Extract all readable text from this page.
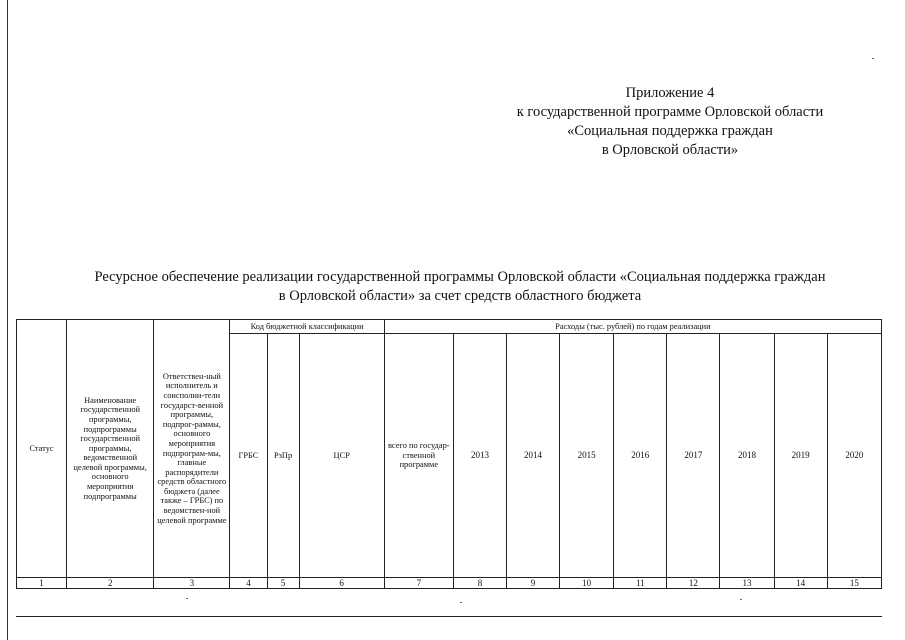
Приложение 4
к государственной программе Орловской области
«Социальная поддержка граждан
в Орловской области»
Ресурсное обеспечение реализации государственной программы Орловской области «Социальная поддержка граждан
в Орловской области» за счет средств областного бюджета
Статус	Наименование государственной программы, подпрограммы государственной программы, ведомственной целевой программы, основного мероприятия подпрограммы	Ответствен-ный исполнитель и соисполни-тели государст-венной программы, подпрог-раммы, основного мероприятия подпрограм-мы, главные распорядители средств областного бюджета (далее также – ГРБС) по ведомствен-ной целевой программе	Код бюджетной классификации			Расходы (тыс. рублей) по годам реализации								
			ГРБС	РзПр	ЦСР	всего по государ-ственной программе	2013	2014	2015	2016	2017	2018	2019	2020
1	2	3	4	5	6	7	8	9	10	11	12	13	14	15
